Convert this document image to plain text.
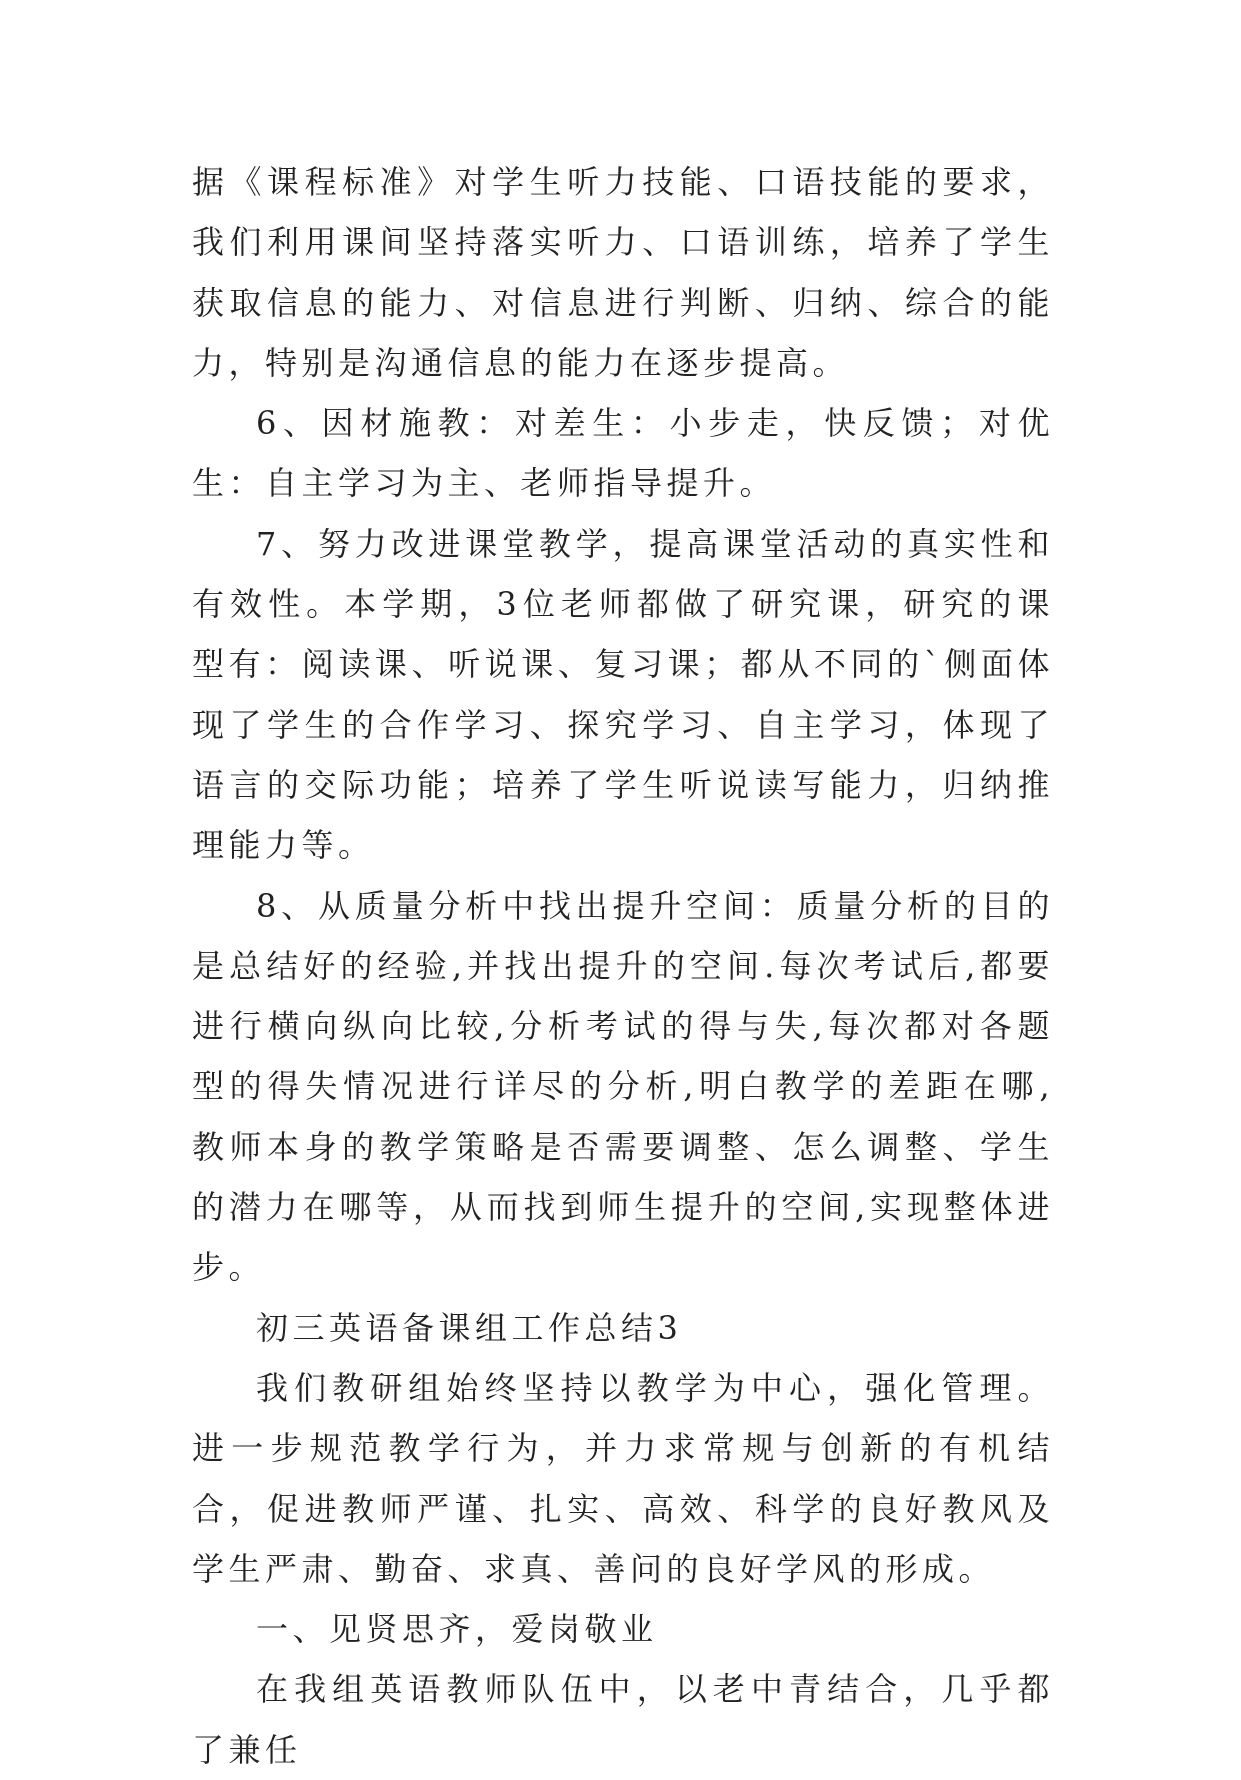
据《课程标准》对学生听力技能、口语技能的要求，我们利用课间坚持落实听力、口语训练，培养了学生获取信息的能力、对信息进行判断、归纳、综合的能力，特别是沟通信息的能力在逐步提高。

6、因材施教：对差生：小步走，快反馈；对优生：自主学习为主、老师指导提升。

7、努力改进课堂教学，提高课堂活动的真实性和有效性。本学期，3位老师都做了研究课，研究的课型有：阅读课、听说课、复习课；都从不同的`侧面体现了学生的合作学习、探究学习、自主学习，体现了语言的交际功能；培养了学生听说读写能力，归纳推理能力等。

8、从质量分析中找出提升空间：质量分析的目的是总结好的经验,并找出提升的空间.每次考试后,都要进行横向纵向比较,分析考试的得与失,每次都对各题型的得失情况进行详尽的分析,明白教学的差距在哪,教师本身的教学策略是否需要调整、怎么调整、学生的潜力在哪等，从而找到师生提升的空间,实现整体进步。

初三英语备课组工作总结3

我们教研组始终坚持以教学为中心，强化管理。进一步规范教学行为，并力求常规与创新的有机结合，促进教师严谨、扎实、高效、科学的良好教风及学生严肃、勤奋、求真、善问的良好学风的形成。

一、见贤思齐，爱岗敬业

在我组英语教师队伍中，以老中青结合，几乎都了兼任
